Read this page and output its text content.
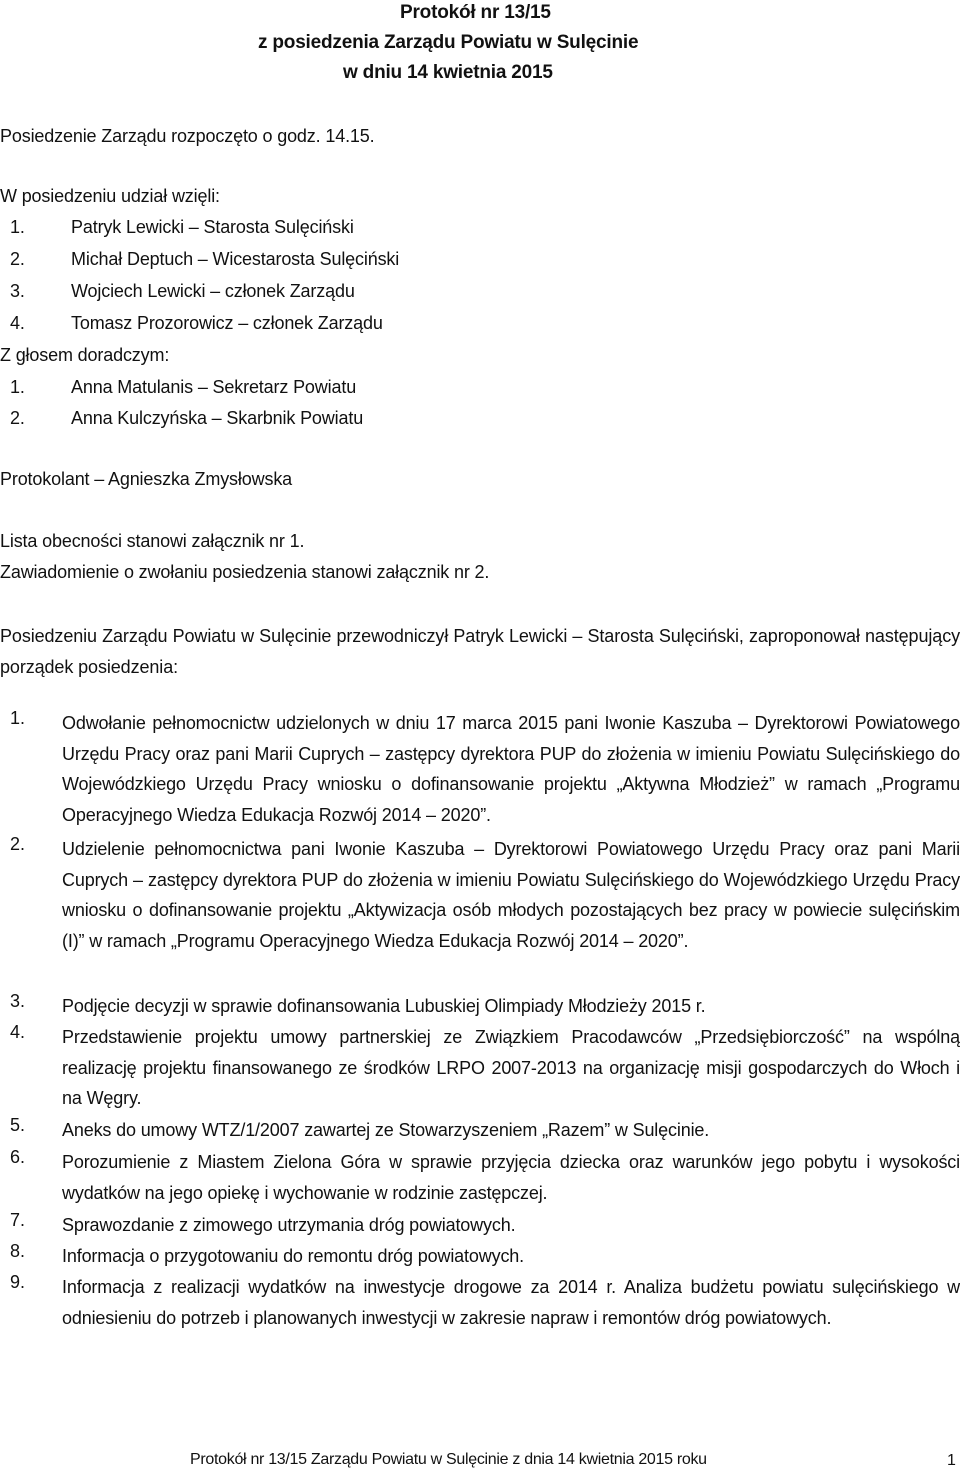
Protokół nr 13/15
z posiedzenia Zarządu Powiatu w Sulęcinie
w dniu 14 kwietnia 2015
Posiedzenie Zarządu rozpoczęto o godz. 14.15.
W posiedzeniu udział wzięli:
1.	Patryk Lewicki – Starosta Sulęciński
2.	Michał Deptuch – Wicestarosta Sulęciński
3.	Wojciech Lewicki – członek Zarządu
4.	Tomasz Prozorowicz – członek Zarządu
Z głosem doradczym:
1.	Anna Matulanis – Sekretarz Powiatu
2.	Anna Kulczyńska – Skarbnik Powiatu
Protokolant – Agnieszka Zmysłowska
Lista obecności stanowi załącznik nr 1.
Zawiadomienie o zwołaniu posiedzenia stanowi załącznik nr 2.
Posiedzeniu Zarządu Powiatu w Sulęcinie przewodniczył Patryk Lewicki – Starosta Sulęciński, zaproponował następujący porządek posiedzenia:
1. Odwołanie pełnomocnictw udzielonych w dniu 17 marca 2015 pani Iwonie Kaszuba – Dyrektorowi Powiatowego Urzędu Pracy oraz pani Marii Cuprych – zastępcy dyrektora PUP do złożenia w imieniu Powiatu Sulęcińskiego do Wojewódzkiego Urzędu Pracy wniosku o dofinansowanie projektu „Aktywna Młodzież” w ramach „Programu Operacyjnego Wiedza Edukacja Rozwój 2014 – 2020”.
2. Udzielenie pełnomocnictwa pani Iwonie Kaszuba – Dyrektorowi Powiatowego Urzędu Pracy oraz pani Marii Cuprych – zastępcy dyrektora PUP do złożenia w imieniu Powiatu Sulęcińskiego do Wojewódzkiego Urzędu Pracy wniosku o dofinansowanie projektu „Aktywizacja osób młodych pozostających bez pracy w powiecie sulęcińskim (I)” w ramach „Programu Operacyjnego Wiedza Edukacja Rozwój 2014 – 2020”.
3. Podjęcie decyzji w sprawie dofinansowania Lubuskiej Olimpiady Młodzieży 2015 r.
4. Przedstawienie projektu umowy partnerskiej ze Związkiem Pracodawców „Przedsiębiorczość” na wspólną realizację projektu finansowanego ze środków LRPO 2007-2013 na organizację misji gospodarczych do Włoch i na Węgry.
5. Aneks do umowy WTZ/1/2007 zawartej ze Stowarzyszeniem „Razem” w Sulęcinie.
6. Porozumienie z Miastem Zielona Góra w sprawie przyjęcia dziecka oraz warunków jego pobytu i wysokości wydatków na jego opiekę i wychowanie w rodzinie zastępczej.
7. Sprawozdanie z zimowego utrzymania dróg powiatowych.
8. Informacja o przygotowaniu do remontu dróg powiatowych.
9. Informacja z realizacji wydatków na inwestycje drogowe za 2014 r. Analiza budżetu powiatu sulęcińskiego w odniesieniu do potrzeb i planowanych inwestycji w zakresie napraw i remontów dróg powiatowych.
Protokół nr 13/15 Zarządu Powiatu w Sulęcinie z dnia 14 kwietnia 2015 roku	1
